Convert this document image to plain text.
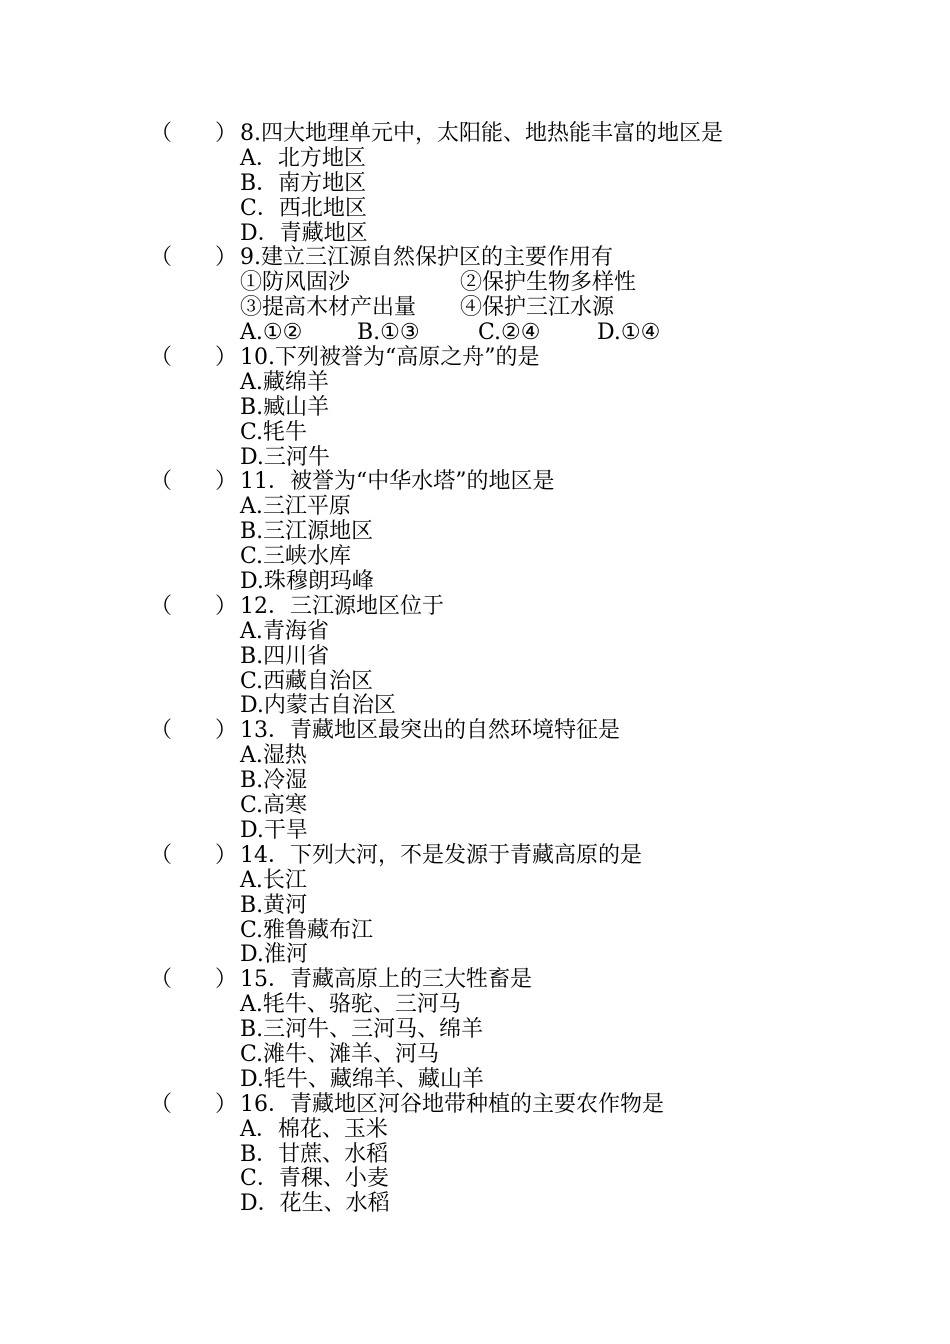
（ ）

8.四大地理单元中，太阳能、地热能丰富的地区是

A．北方地区
B．南方地区
C．西北地区
D．青藏地区

（ ）

9.建立三江源自然保护区的主要作用有

①防风固沙

	②保护生物多样性

③提高木材产出量

④保护三江水源

A.①②

B.①③

	C.②④

	D.①④

（ ）

10.下列被誉为“高原之舟”的是

A.藏绵羊
B.臧山羊
C.牦牛
D.三河牛

（ ）

11．被誉为“中华水塔”的地区是

A.三江平原
B.三江源地区
C.三峡水库
D.珠穆朗玛峰

（ ）

12．三江源地区位于

A.青海省
B.四川省
C.西藏自治区
D.内蒙古自治区

（ ）

13．青藏地区最突出的自然环境特征是

A.湿热
B.冷湿
C.高寒
D.干旱

（ ）

14．下列大河，不是发源于青藏高原的是

A.长江
B.黄河
C.雅鲁藏布江
D.淮河

（ ）

15．青藏高原上的三大牲畜是

A.牦牛、骆驼、三河马
B.三河牛、三河马、绵羊
C.滩牛、滩羊、河马
D.牦牛、藏绵羊、藏山羊

（ ）

16．青藏地区河谷地带种植的主要农作物是

A．棉花、玉米
B．甘蔗、水稻
C．青稞、小麦
D．花生、水稻
